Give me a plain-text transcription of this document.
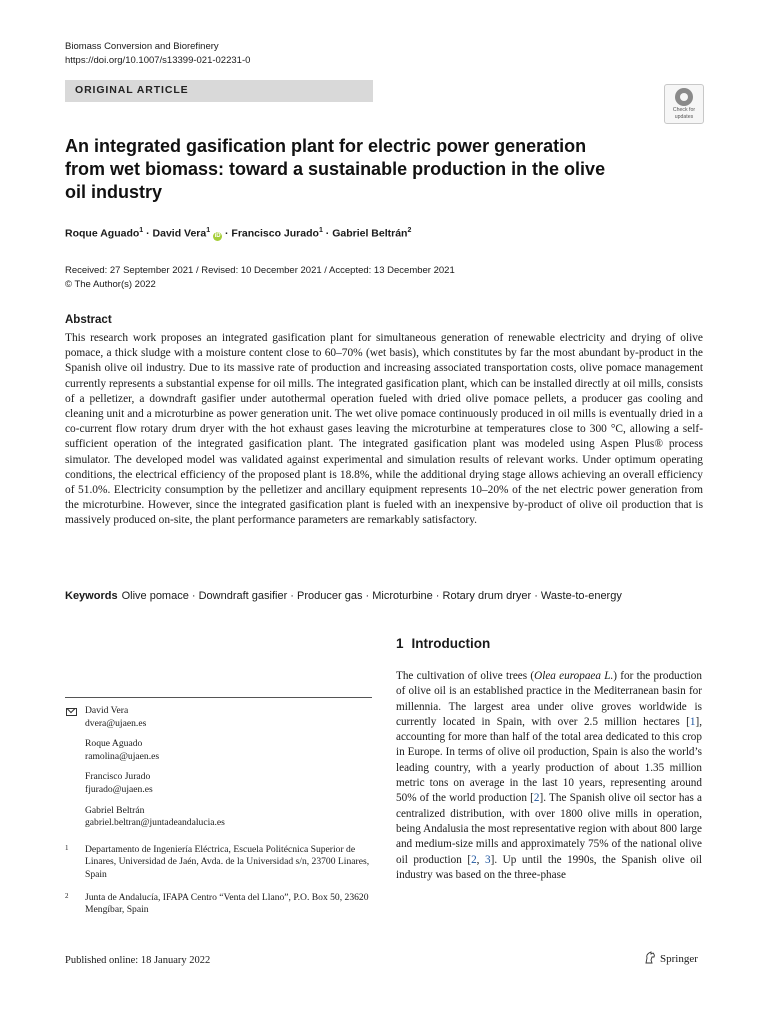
Biomass Conversion and Biorefinery
https://doi.org/10.1007/s13399-021-02231-0
ORIGINAL ARTICLE
Check for
updates
An integrated gasification plant for electric power generation from wet biomass: toward a sustainable production in the olive oil industry
Roque Aguado$^1$ · David Vera$^1$ iD · Francisco Jurado$^1$ · Gabriel Beltrán$^2$
Received: 27 September 2021 / Revised: 10 December 2021 / Accepted: 13 December 2021
© The Author(s) 2022
Abstract

This research work proposes an integrated gasification plant for simultaneous generation of renewable electricity and drying of olive pomace, a thick sludge with a moisture content close to 60–70% (wet basis), which constitutes by far the most abundant by-product in the Spanish olive oil industry. Due to its massive rate of production and increasing associated transportation costs, olive pomace management currently represents a substantial expense for oil mills. The integrated gasification plant, which can be installed directly at oil mills, consists of a pelletizer, a downdraft gasifier under autothermal operation fueled with dried olive pomace pellets, a producer gas cooling and cleaning unit and a microturbine as power generation unit. The wet olive pomace continuously produced in oil mills is eventually dried in a co-current flow rotary drum dryer with the hot exhaust gases leaving the microturbine at temperatures close to 300 °C, allowing a self-sufficient operation of the integrated gasification plant. The integrated gasification plant was modeled using Aspen Plus® process simulator. The developed model was validated against experimental and simulation results of relevant works. Under optimum operating conditions, the electrical efficiency of the proposed plant is 18.8%, while the additional drying stage allows achieving an overall efficiency of 51.0%. Electricity consumption by the pelletizer and ancillary equipment represents 10–20% of the net electric power generation from the microturbine. However, since the integrated gasification plant is fueled with an inexpensive by-product of olive oil production that is massively produced on-site, the plant performance parameters are remarkably satisfactory.

Keywords Olive pomace · Downdraft gasifier · Producer gas · Microturbine · Rotary drum dryer · Waste-to-energy
1 Introduction

The cultivation of olive trees (Olea europaea L.) for the production of olive oil is an established practice in the Mediterranean basin for millennia. The largest area under olive groves worldwide is currently located in Spain, with over 2.5 million hectares [1], accounting for more than half of the total area dedicated to this crop in Europe. In terms of olive oil production, Spain is also the world’s leading country, with a yearly production of about 1.35 million metric tons on average in the last 10 years, representing around 50% of the world production [2]. The Spanish olive oil sector has a centralized distribution, with over 1800 olive mills in operation, being Andalusia the most representative region with about 800 large and medium-size mills and approximately 75% of the national olive oil production [2, 3]. Up until the 1990s, the Spanish olive oil industry was based on the three-phase

David Vera
dvera@ujaen.es
Roque Aguado
ramolina@ujaen.es
Francisco Jurado
fjurado@ujaen.es
Gabriel Beltrán
gabriel.beltran@juntadeandalucia.es
1 Departamento de Ingeniería Eléctrica, Escuela Politécnica Superior de Linares, Universidad de Jaén, Avda. de la Universidad s/n, 23700 Linares, Spain
2 Junta de Andalucía, IFAPA Centro “Venta del Llano”, P.O. Box 50, 23620 Mengíbar, Spain
Published online: 18 January 2022	Springer
